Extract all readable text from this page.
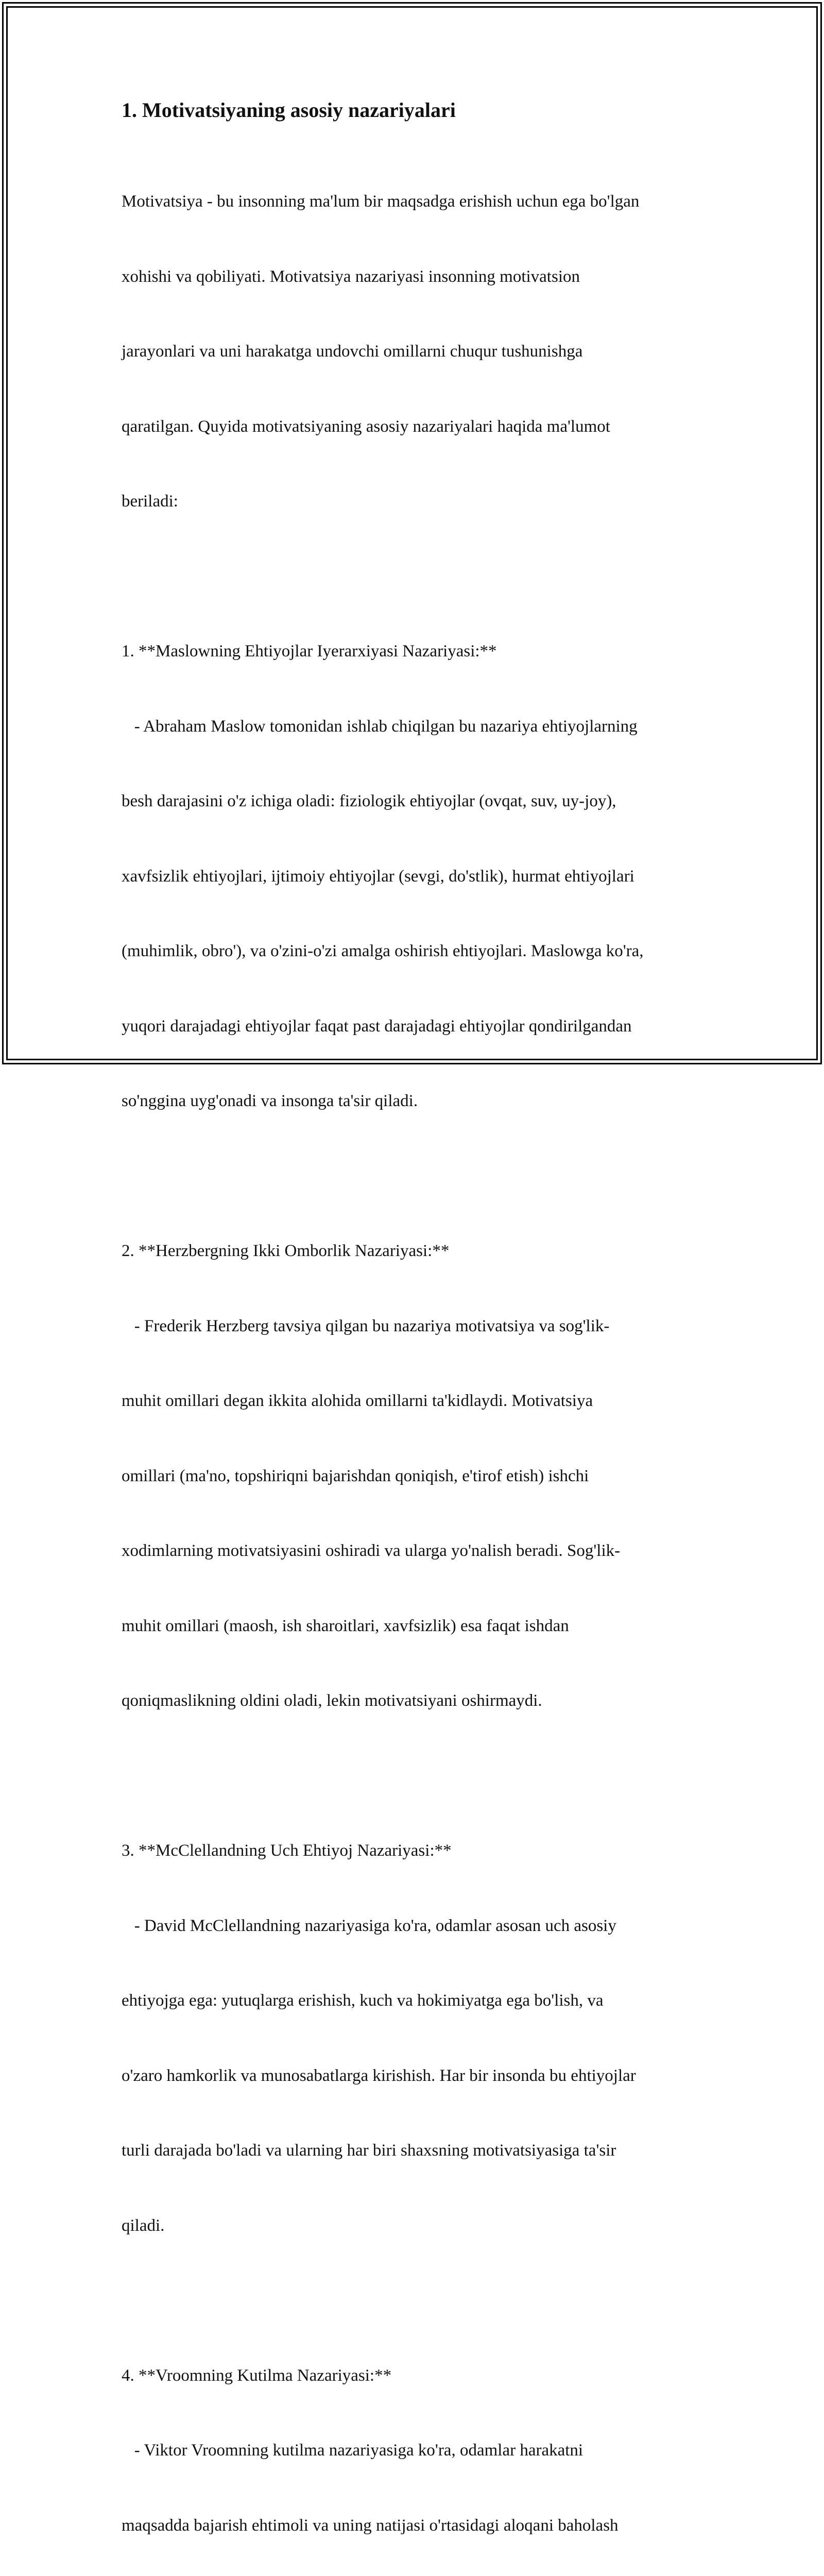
1. Motivatsiyaning asosiy nazariyalari

Motivatsiya - bu insonning ma'lum bir maqsadga erishish uchun ega bo'lgan

xohishi va qobiliyati. Motivatsiya nazariyasi insonning motivatsion

jarayonlari va uni harakatga undovchi omillarni chuqur tushunishga

qaratilgan. Quyida motivatsiyaning asosiy nazariyalari haqida ma'lumot

beriladi:

1. **Maslowning Ehtiyojlar Iyerarxiyasi Nazariyasi:**

- Abraham Maslow tomonidan ishlab chiqilgan bu nazariya ehtiyojlarning

besh darajasini o'z ichiga oladi: fiziologik ehtiyojlar (ovqat, suv, uy-joy),

xavfsizlik ehtiyojlari, ijtimoiy ehtiyojlar (sevgi, do'stlik), hurmat ehtiyojlari

(muhimlik, obro'), va o'zini-o'zi amalga oshirish ehtiyojlari. Maslowga ko'ra,

yuqori darajadagi ehtiyojlar faqat past darajadagi ehtiyojlar qondirilgandan

so'nggina uyg'onadi va insonga ta'sir qiladi.

2. **Herzbergning Ikki Omborlik Nazariyasi:**

- Frederik Herzberg tavsiya qilgan bu nazariya motivatsiya va sog'lik-

muhit omillari degan ikkita alohida omillarni ta'kidlaydi. Motivatsiya

omillari (ma'no, topshiriqni bajarishdan qoniqish, e'tirof etish) ishchi

xodimlarning motivatsiyasini oshiradi va ularga yo'nalish beradi. Sog'lik-

muhit omillari (maosh, ish sharoitlari, xavfsizlik) esa faqat ishdan

qoniqmaslikning oldini oladi, lekin motivatsiyani oshirmaydi.

3. **McClellandning Uch Ehtiyoj Nazariyasi:**

- David McClellandning nazariyasiga ko'ra, odamlar asosan uch asosiy

ehtiyojga ega: yutuqlarga erishish, kuch va hokimiyatga ega bo'lish, va

o'zaro hamkorlik va munosabatlarga kirishish. Har bir insonda bu ehtiyojlar

turli darajada bo'ladi va ularning har biri shaxsning motivatsiyasiga ta'sir

qiladi.

4. **Vroomning Kutilma Nazariyasi:**

- Viktor Vroomning kutilma nazariyasiga ko'ra, odamlar harakatni

maqsadda bajarish ehtimoli va uning natijasi o'rtasidagi aloqani baholash
